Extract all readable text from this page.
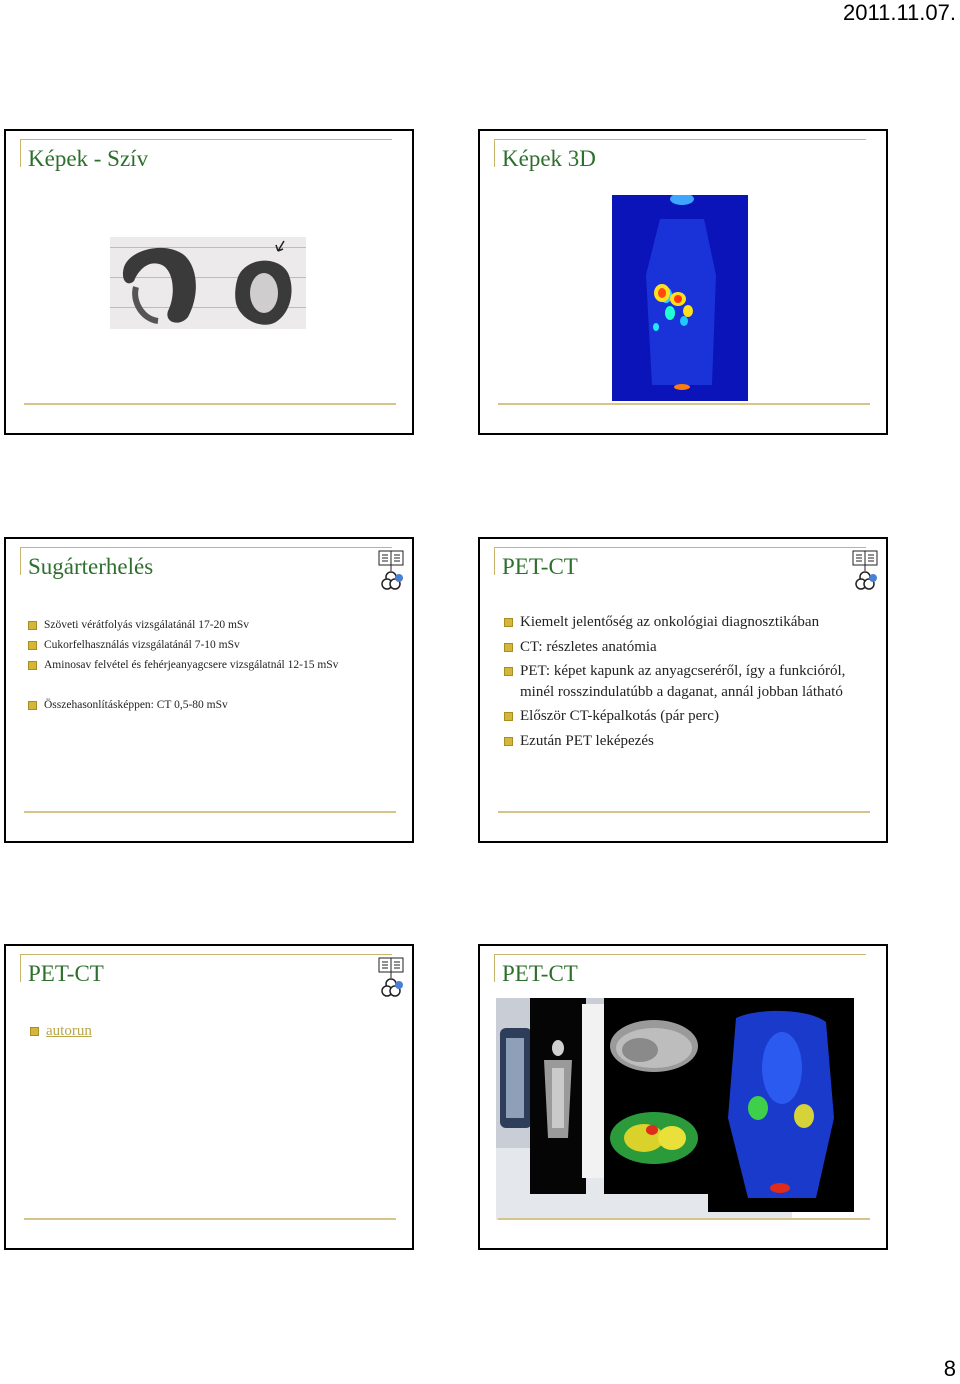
2011.11.07.
Képek - Szív	Képek 3D
Sugárterhelés
Szöveti vérátfolyás vizsgálatánál 17-20 mSv
Cukorfelhasználás vizsgálatánál 7-10 mSv
Aminosav felvétel és fehérjeanyagcsere vizsgálatnál 12-15 mSv
Összehasonlításképpen: CT 0,5-80 mSv
PET-CT
Kiemelt jelentőség az onkológiai diagnosztikában
CT: részletes anatómia
PET: képet kapunk az anyagcseréről, így a funkcióról, minél rosszindulatúbb a daganat, annál jobban látható
Először CT-képalkotás (pár perc)
Ezután PET leképezés
PET-CT
autorun
PET-CT
8
